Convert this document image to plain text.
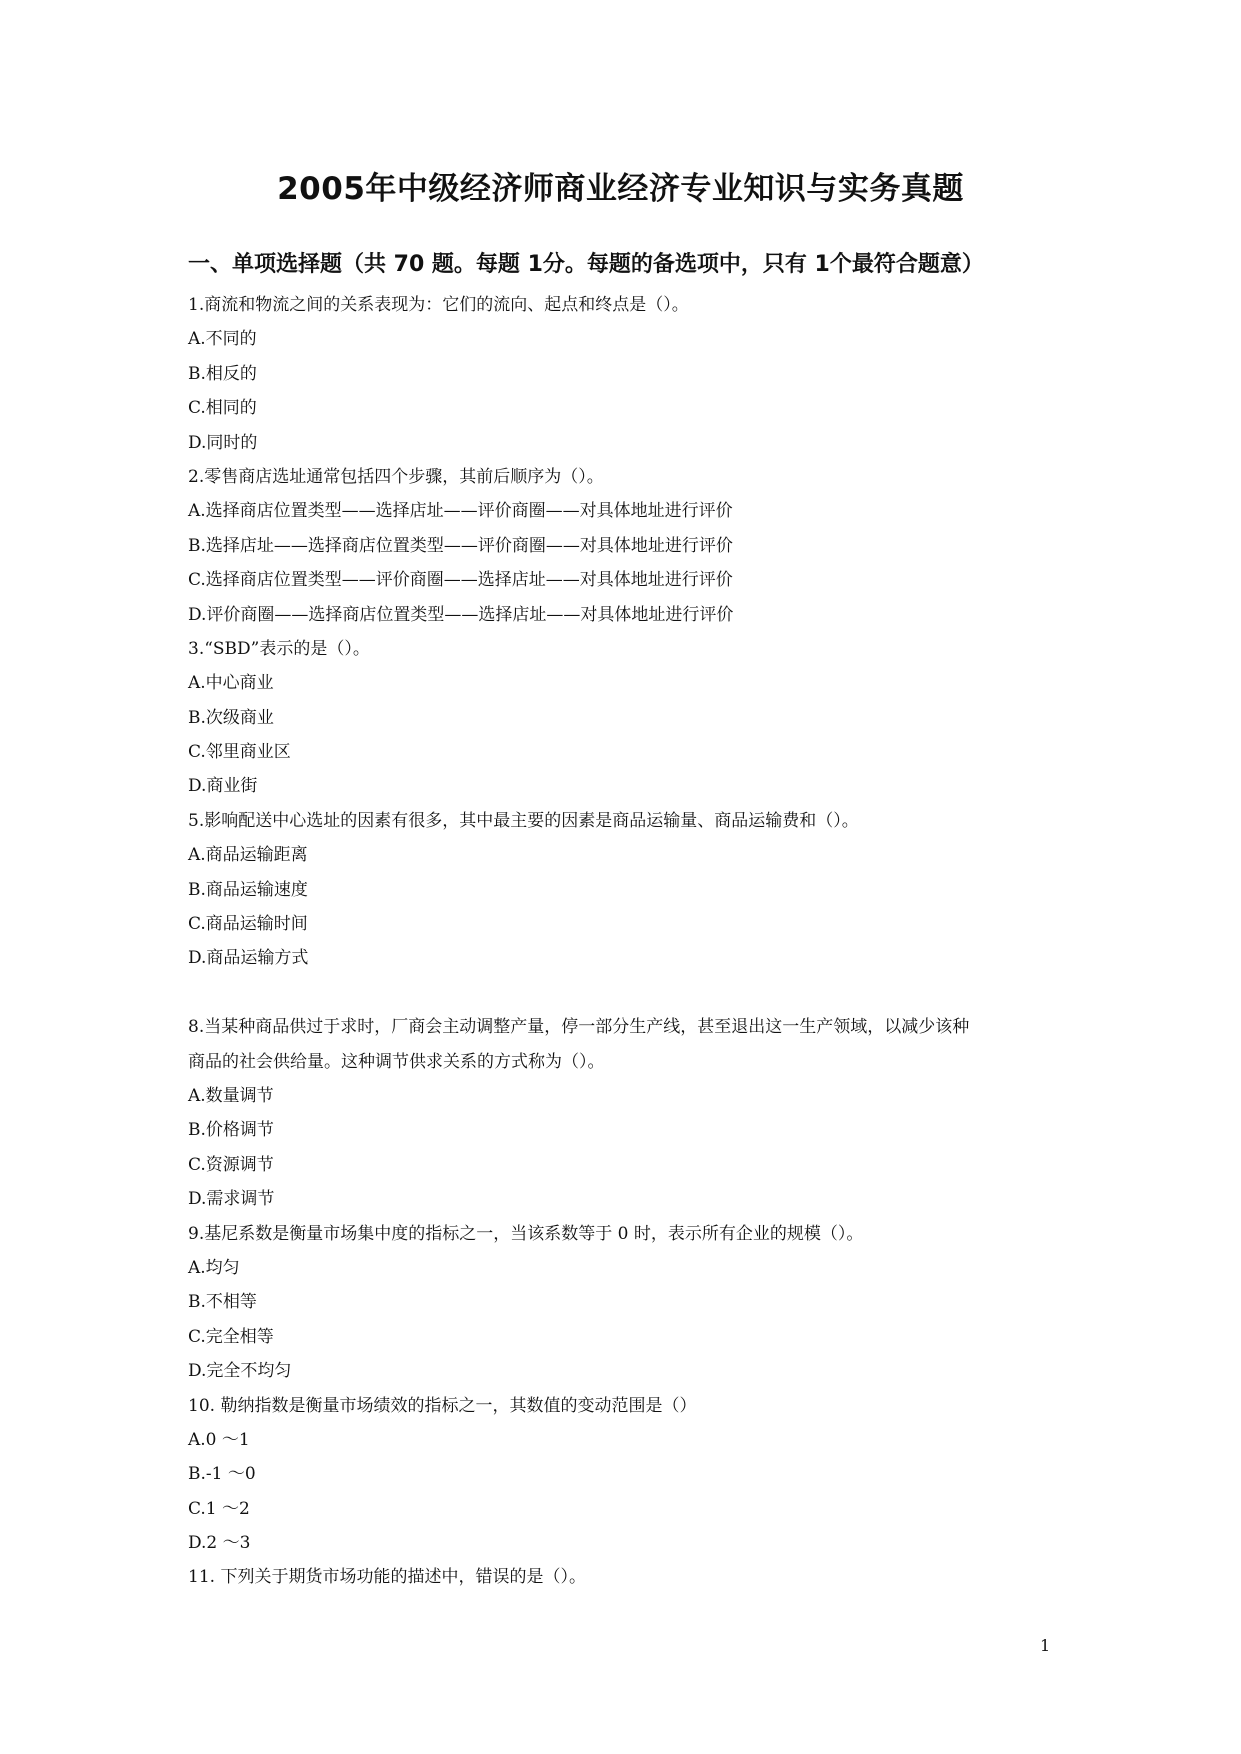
2005年中级经济师商业经济专业知识与实务真题
一、单项选择题（共 70 题。每题 1分。每题的备选项中，只有 1个最符合题意）
1.商流和物流之间的关系表现为：它们的流向、起点和终点是（）。
A.不同的
B.相反的
C.相同的
D.同时的
2.零售商店选址通常包括四个步骤，其前后顺序为（）。
A.选择商店位置类型——选择店址——评价商圈——对具体地址进行评价
B.选择店址——选择商店位置类型——评价商圈——对具体地址进行评价
C.选择商店位置类型——评价商圈——选择店址——对具体地址进行评价
D.评价商圈——选择商店位置类型——选择店址——对具体地址进行评价
3.“SBD”表示的是（）。
A.中心商业
B.次级商业
C.邻里商业区
D.商业街
5.影响配送中心选址的因素有很多，其中最主要的因素是商品运输量、商品运输费和（）。
A.商品运输距离
B.商品运输速度
C.商品运输时间
D.商品运输方式
8.当某种商品供过于求时，厂商会主动调整产量，停一部分生产线，甚至退出这一生产领域，以减少该种
商品的社会供给量。这种调节供求关系的方式称为（）。
A.数量调节
B.价格调节
C.资源调节
D.需求调节
9.基尼系数是衡量市场集中度的指标之一，当该系数等于 0 时，表示所有企业的规模（）。
A.均匀
B.不相等
C.完全相等
D.完全不均匀
10. 勒纳指数是衡量市场绩效的指标之一，其数值的变动范围是（）
A.0 ～1
B.-1 ～0
C.1 ～2
D.2 ～3
11. 下列关于期货市场功能的描述中，错误的是（）。
1
